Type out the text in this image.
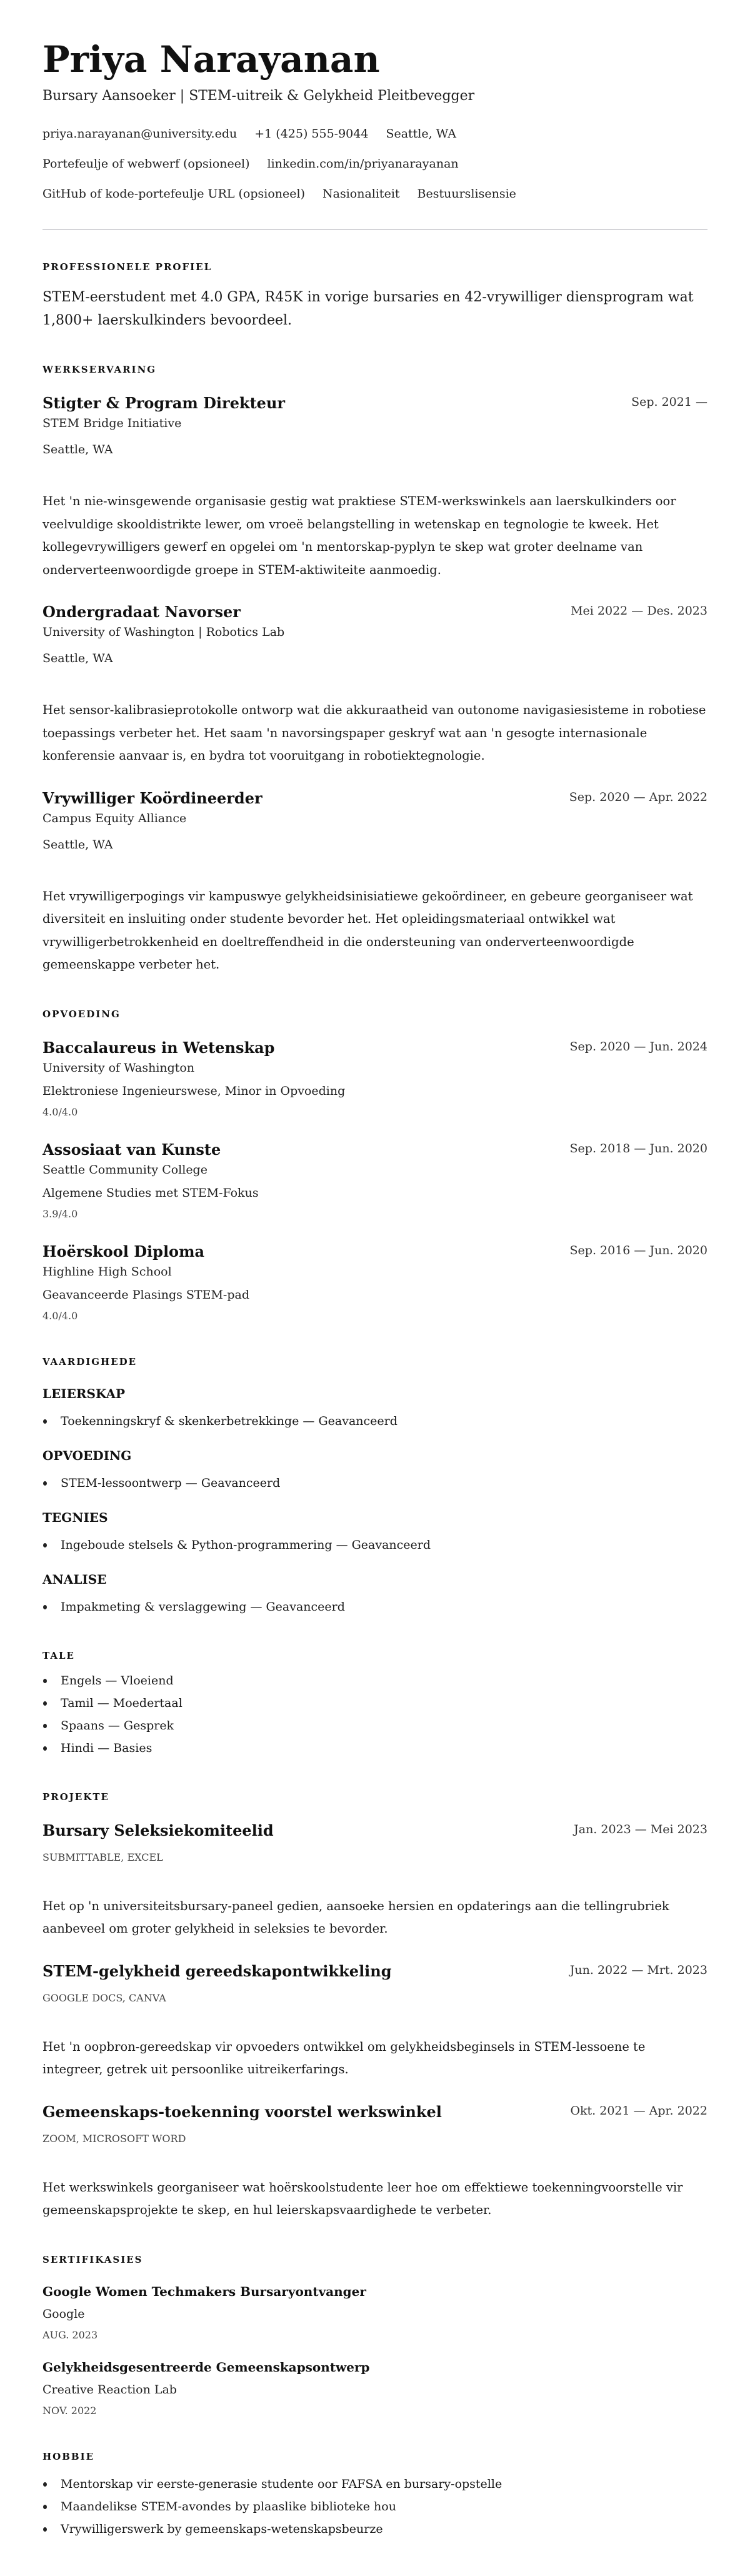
Priya Narayanan
Bursary Aansoeker | STEM-uitreik & Gelykheid Pleitbevegger
priya.narayanan@university.edu +1 (425) 555-9044 Seattle, WA
Portefeulje of webwerf (opsioneel) linkedin.com/in/priyanarayanan
GitHub of kode-portefeulje URL (opsioneel) Nasionaliteit Bestuurslisensie
PROFESSIONELE PROFIEL
STEM-eerstudent met 4.0 GPA, R45K in vorige bursaries en 42-vrywilliger diensprogram wat 1,800+ laerskulkinders bevoordeel.
WERKSERVARING
Stigter & Program Direkteur	Sep. 2021 —
STEM Bridge Initiative
Seattle, WA
Het 'n nie-winsgewende organisasie gestig wat praktiese STEM-werkswinkels aan laerskulkinders oor veelvuldige skooldistrikte lewer, om vroeë belangstelling in wetenskap en tegnologie te kweek. Het kollegevrywilligers gewerf en opgelei om 'n mentorskap-pyplyn te skep wat groter deelname van onderverteenwoordigde groepe in STEM-aktiwiteite aanmoedig.
Ondergradaat Navorser	Mei 2022 — Des. 2023
University of Washington | Robotics Lab
Seattle, WA
Het sensor-kalibrasieprotokolle ontworp wat die akkuraatheid van outonome navigasiesisteme in robotiese toepassings verbeter het. Het saam 'n navorsingspaper geskryf wat aan 'n gesogte internasionale konferensie aanvaar is, en bydra tot vooruitgang in robotiektegnologie.
Vrywilliger Koördineerder	Sep. 2020 — Apr. 2022
Campus Equity Alliance
Seattle, WA
Het vrywilligerpogings vir kampuswye gelykheidsinisiatiewe gekoördineer, en gebeure georganiseer wat diversiteit en insluiting onder studente bevorder het. Het opleidingsmateriaal ontwikkel wat vrywilligerbetrokkenheid en doeltreffendheid in die ondersteuning van onderverteenwoordigde gemeenskappe verbeter het.
OPVOEDING
Baccalaureus in Wetenskap	Sep. 2020 — Jun. 2024
University of Washington
Elektroniese Ingenieurswese, Minor in Opvoeding
4.0/4.0
Assosiaat van Kunste	Sep. 2018 — Jun. 2020
Seattle Community College
Algemene Studies met STEM-Fokus
3.9/4.0
Hoërskool Diploma	Sep. 2016 — Jun. 2020
Highline High School
Geavanceerde Plasings STEM-pad
4.0/4.0
VAARDIGHEDE
LEIERSKAP
Toekenningskryf & skenkerbetrekkinge — Geavanceerd
OPVOEDING
STEM-lessoontwerp — Geavanceerd
TEGNIES
Ingeboude stelsels & Python-programmering — Geavanceerd
ANALISE
Impakmeting & verslaggewing — Geavanceerd
TALE
Engels — Vloeiend
Tamil — Moedertaal
Spaans — Gesprek
Hindi — Basies
PROJEKTE
Bursary Seleksiekomiteelid	Jan. 2023 — Mei 2023
SUBMITTABLE, EXCEL
Het op 'n universiteitsbursary-paneel gedien, aansoeke hersien en opdaterings aan die tellingrubriek aanbeveel om groter gelykheid in seleksies te bevorder.
STEM-gelykheid gereedskapontwikkeling	Jun. 2022 — Mrt. 2023
GOOGLE DOCS, CANVA
Het 'n oopbron-gereedskap vir opvoeders ontwikkel om gelykheidsbeginsels in STEM-lessoene te integreer, getrek uit persoonlike uitreikerfarings.
Gemeenskaps-toekenning voorstel werkswinkel	Okt. 2021 — Apr. 2022
ZOOM, MICROSOFT WORD
Het werkswinkels georganiseer wat hoërskoolstudente leer hoe om effektiewe toekenningvoorstelle vir gemeenskapsprojekte te skep, en hul leierskapsvaardighede te verbeter.
SERTIFIKASIES
Google Women Techmakers Bursaryontvanger
Google
AUG. 2023
Gelykheidsgesentreerde Gemeenskapsontwerp
Creative Reaction Lab
NOV. 2022
HOBBIE
Mentorskap vir eerste-generasie studente oor FAFSA en bursary-opstelle
Maandelikse STEM-avondes by plaaslike biblioteke hou
Vrywilligerswerk by gemeenskaps-wetenskapsbeurze
